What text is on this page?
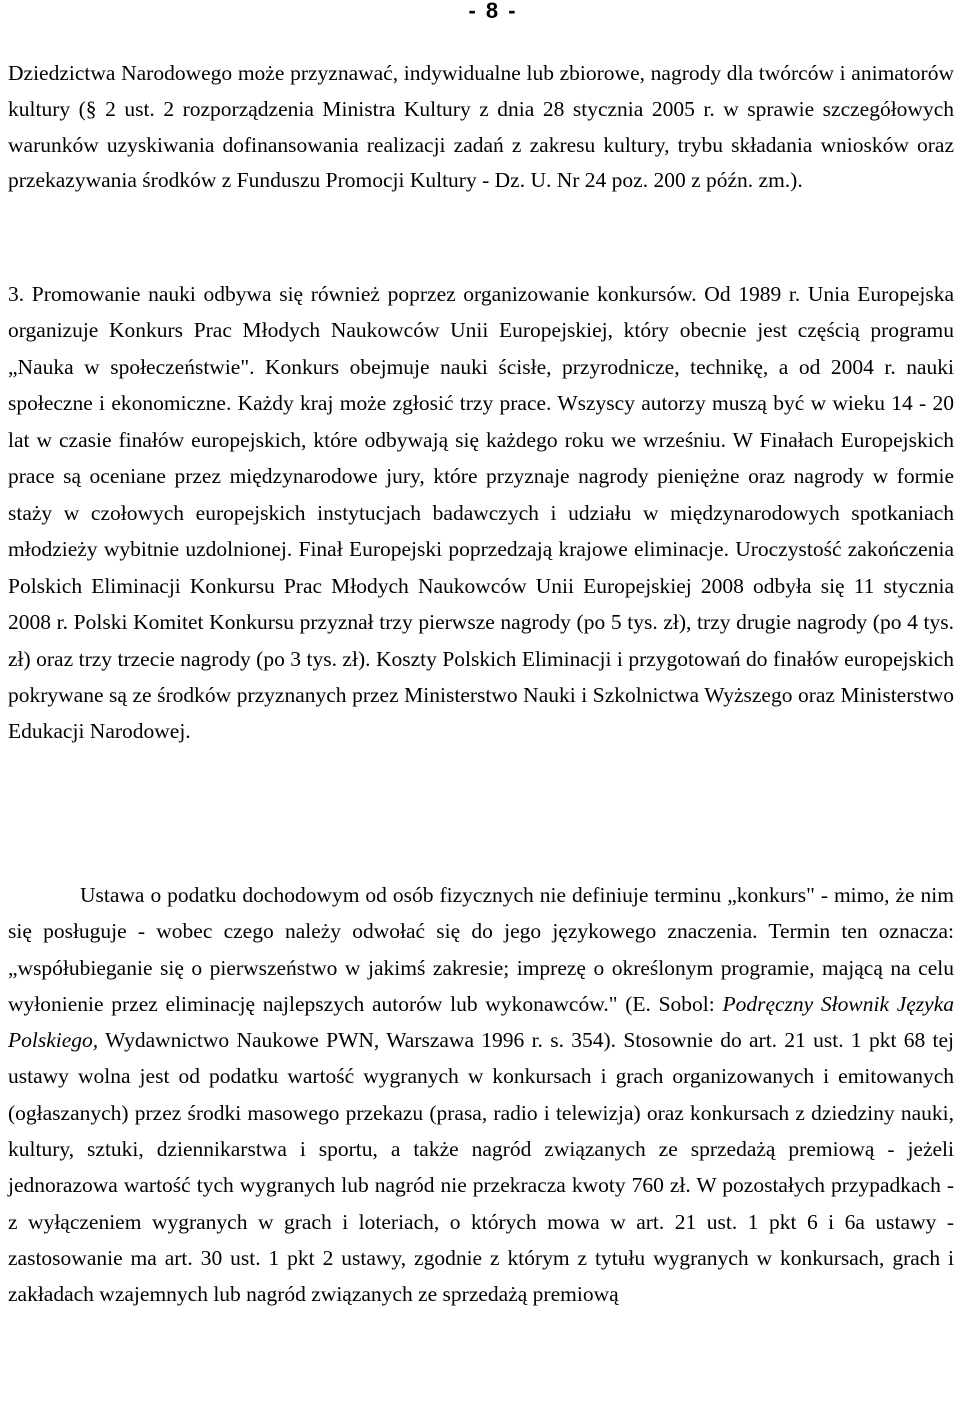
- 8 -

Dziedzictwa Narodowego może przyznawać, indywidualne lub zbiorowe, nagrody dla twórców i animatorów kultury (§ 2 ust. 2 rozporządzenia Ministra Kultury z dnia 28 stycznia 2005 r. w sprawie szczegółowych warunków uzyskiwania dofinansowania realizacji zadań z zakresu kultury, trybu składania wniosków oraz przekazywania środków z Funduszu Promocji Kultury - Dz. U. Nr 24 poz. 200 z późn. zm.).

3. Promowanie nauki odbywa się również poprzez organizowanie konkursów. Od 1989 r. Unia Europejska organizuje Konkurs Prac Młodych Naukowców Unii Europejskiej, który obecnie jest częścią programu „Nauka w społeczeństwie". Konkurs obejmuje nauki ścisłe, przyrodnicze, technikę, a od 2004 r. nauki społeczne i ekonomiczne. Każdy kraj może zgłosić trzy prace. Wszyscy autorzy muszą być w wieku 14 - 20 lat w czasie finałów europejskich, które odbywają się każdego roku we wrześniu. W Finałach Europejskich prace są oceniane przez międzynarodowe jury, które przyznaje nagrody pieniężne oraz nagrody w formie staży w czołowych europejskich instytucjach badawczych i udziału w międzynarodowych spotkaniach młodzieży wybitnie uzdolnionej. Finał Europejski poprzedzają krajowe eliminacje. Uroczystość zakończenia Polskich Eliminacji Konkursu Prac Młodych Naukowców Unii Europejskiej 2008 odbyła się 11 stycznia 2008 r. Polski Komitet Konkursu przyznał trzy pierwsze nagrody (po 5 tys. zł), trzy drugie nagrody (po 4 tys. zł) oraz trzy trzecie nagrody (po 3 tys. zł). Koszty Polskich Eliminacji i przygotowań do finałów europejskich pokrywane są ze środków przyznanych przez Ministerstwo Nauki i Szkolnictwa Wyższego oraz Ministerstwo Edukacji Narodowej.

Ustawa o podatku dochodowym od osób fizycznych nie definiuje terminu „konkurs" - mimo, że nim się posługuje - wobec czego należy odwołać się do jego językowego znaczenia. Termin ten oznacza: „współubieganie się o pierwszeństwo w jakimś zakresie; imprezę o określonym programie, mającą na celu wyłonienie przez eliminację najlepszych autorów lub wykonawców." (E. Sobol: Podręczny Słownik Języka Polskiego, Wydawnictwo Naukowe PWN, Warszawa 1996 r. s. 354). Stosownie do art. 21 ust. 1 pkt 68 tej ustawy wolna jest od podatku wartość wygranych w konkursach i grach organizowanych i emitowanych (ogłaszanych) przez środki masowego przekazu (prasa, radio i telewizja) oraz konkursach z dziedziny nauki, kultury, sztuki, dziennikarstwa i sportu, a także nagród związanych ze sprzedażą premiową - jeżeli jednorazowa wartość tych wygranych lub nagród nie przekracza kwoty 760 zł. W pozostałych przypadkach - z wyłączeniem wygranych w grach i loteriach, o których mowa w art. 21 ust. 1 pkt 6 i 6a ustawy - zastosowanie ma art. 30 ust. 1 pkt 2 ustawy, zgodnie z którym z tytułu wygranych w konkursach, grach i zakładach wzajemnych lub nagród związanych ze sprzedażą premiową
